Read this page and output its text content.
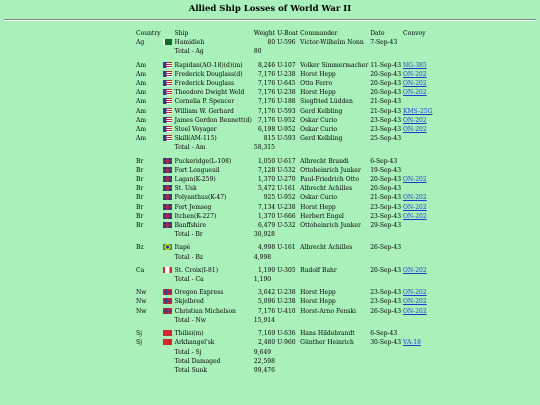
Allied Ship Losses of World War II
Country		Ship	Weight	U-Boat	Commander	Date	Convoy
Ag		Hamidieh	80	U-596	Victor-Wilhelm Nonn	7-Sep-43	
		Total - Ag	80				

Am		Rapidan(AO-18)(d)(m)	8,246	U-107	Volker Simmermacher	11-Sep-43	NG-385
Am		Frederick Douglass(d)	7,176	U-238	Horst Hepp	20-Sep-43	ON-202
Am		Frederick Douglass	7,176	U-645	Otto Ferro	20-Sep-43	ON-202
Am		Theodore Dwight Weld	7,176	U-238	Horst Hepp	20-Sep-43	ON-202
Am		Cornelia P. Spencer	7,176	U-188	Siegfried Lüdden	21-Sep-43	
Am		William W. Gerhard	7,176	U-593	Gerd Kelbling	21-Sep-43	KMS-25G
Am		James Gordon Bennett(d)	7,176	U-952	Oskar Curio	23-Sep-43	ON-202
Am		Steel Voyager	6,198	U-952	Oskar Curio	23-Sep-43	ON-202
Am		Skill(AM-115)	815	U-593	Gerd Kelbling	25-Sep-43	
		Total - Am	58,315				

Br		Puckeridge(L-108)	1,050	U-617	Albrecht Brandi	6-Sep-43	
Br		Fort Longueuil	7,128	U-532	Ottoheinrich Junker	19-Sep-43	
Br		Lagan(K-259)	1,370	U-270	Paul-Friedrich Otto	20-Sep-43	ON-202
Br		St. Usk	5,472	U-161	Albrecht Achilles	20-Sep-43	
Br		Polyanthus(K-47)	925	U-952	Oskar Curio	21-Sep-43	ON-202
Br		Fort Jemseg	7,134	U-238	Horst Hepp	23-Sep-43	ON-202
Br		Itchen(K-227)	1,370	U-666	Herbert Engel	23-Sep-43	ON-202
Br		Banffshire	6,479	U-532	Ottoheinrich Junker	29-Sep-43	
		Total - Br	30,928				

Bz		Itapé	4,998	U-161	Albrecht Achilles	26-Sep-43	
		Total - Bz	4,998				

Ca		St. Croix(I-81)	1,190	U-305	Rudolf Bahr	20-Sep-43	ON-202
		Total - Ca	1,190				

Nw		Oregon Express	3,642	U-238	Horst Hepp	23-Sep-43	ON-202
Nw		Skjelbred	5,096	U-238	Horst Hepp	23-Sep-43	ON-202
Nw		Christian Michelson	7,176	U-410	Horst-Arno Fenski	26-Sep-43	ON-202
		Total - Nw	15,914				

Sj		Tbilisi(m)	7,169	U-636	Hans Hildebrandt	6-Sep-43	
Sj		Arkhangel'sk	2,480	U-960	Günther Heinrich	30-Sep-43	VA-18
		Total - Sj	9,649				
		Total Damaged	22,598				
		Total Sunk	99,476				
